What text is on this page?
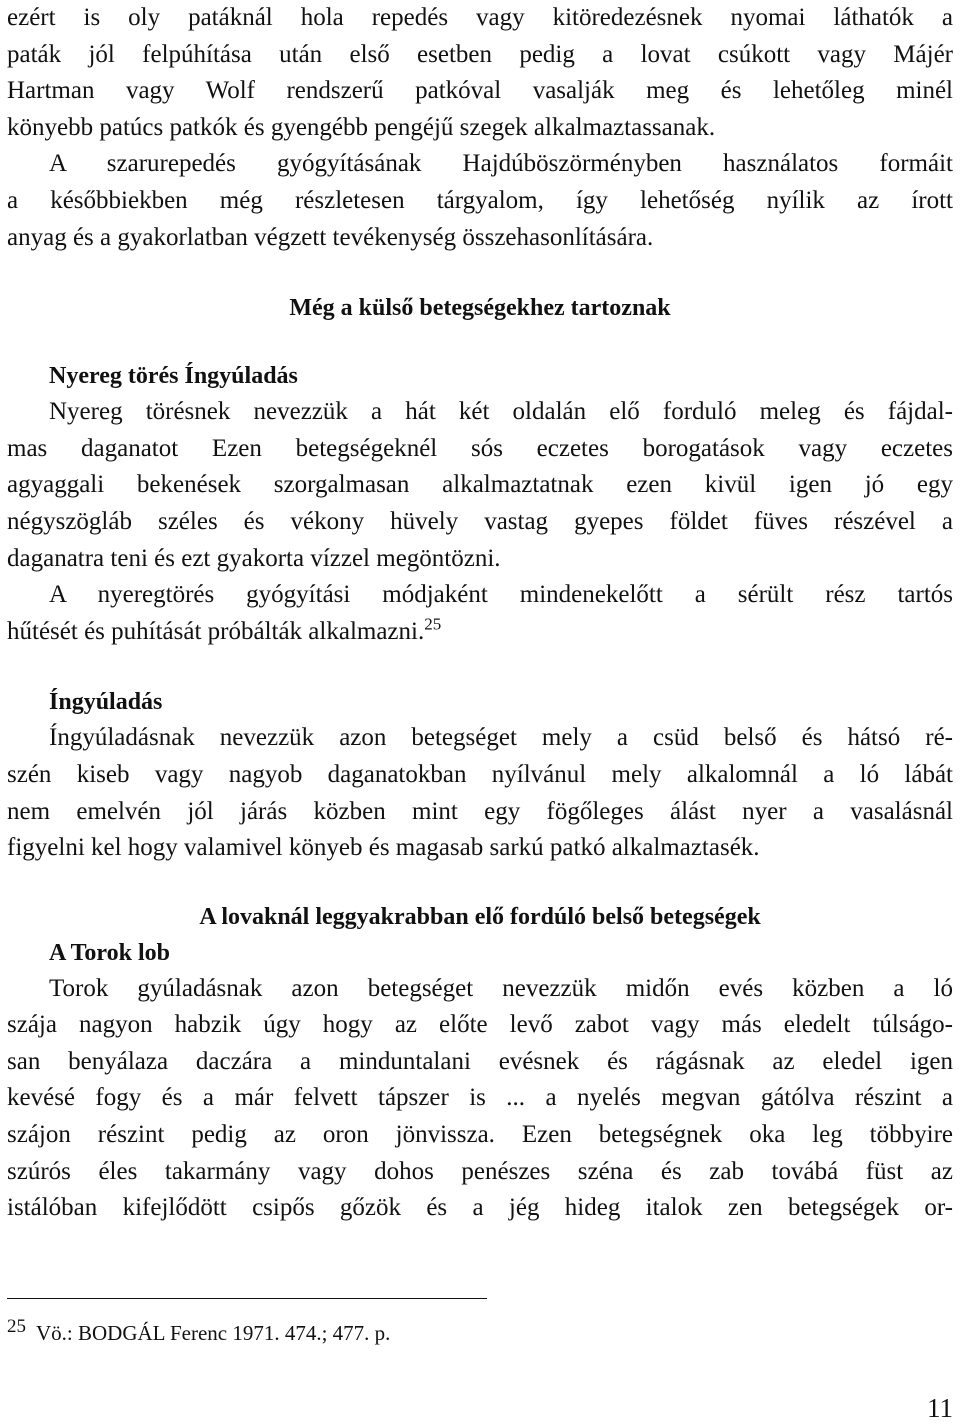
ezért is oly patáknál hola repedés vagy kitöredezésnek nyomai láthatók a
paták jól felpúhítása után első esetben pedig a lovat csúkott vagy Májér
Hartman vagy Wolf rendszerű patkóval vasalják meg és lehetőleg minél
könyebb patúcs patkók és gyengébb pengéjű szegek alkalmaztassanak.
A szarurepedés gyógyításának Hajdúböszörményben használatos formáit
a későbbiekben még részletesen tárgyalom, így lehetőség nyílik az írott
anyag és a gyakorlatban végzett tevékenység összehasonlítására.
Még a külső betegségekhez tartoznak
Nyereg törés Íngyúladás
Nyereg törésnek nevezzük a hát két oldalán elő forduló meleg és fájdal-
mas daganatot Ezen betegségeknél sós eczetes borogatások vagy eczetes
agyaggali bekenések szorgalmasan alkalmaztatnak ezen kivül igen jó egy
négyszögláb széles és vékony hüvely vastag gyepes földet füves részével a
daganatra teni és ezt gyakorta vízzel megöntözni.
A nyeregtörés gyógyítási módjaként mindenekelőtt a sérült rész tartós
hűtését és puhítását próbálták alkalmazni.$^{25}$
Íngyúladás
Íngyúladásnak nevezzük azon betegséget mely a csüd belső és hátsó ré-
szén kiseb vagy nagyob daganatokban nyílvánul mely alkalomnál a ló lábát
nem emelvén jól járás közben mint egy fögőleges álást nyer a vasalásnál
figyelni kel hogy valamivel könyeb és magasab sarkú patkó alkalmaztasék.
A lovaknál leggyakrabban elő fordúló belső betegségek
A Torok lob
Torok gyúladásnak azon betegséget nevezzük midőn evés közben a ló
szája nagyon habzik úgy hogy az előte levő zabot vagy más eledelt túlságo-
san benyálaza daczára a minduntalani evésnek és rágásnak az eledel igen
kevésé fogy és a már felvett tápszer is ... a nyelés megvan gátólva részint a
szájon részint pedig az oron jönvissza. Ezen betegségnek oka leg többyire
szúrós éles takarmány vagy dohos penészes széna és zab továbá füst az
istálóban kifejlődött csipős gőzök és a jég hideg italok zen betegségek or-
25 Vö.: BODGÁL Ferenc 1971. 474.; 477. p.
11
